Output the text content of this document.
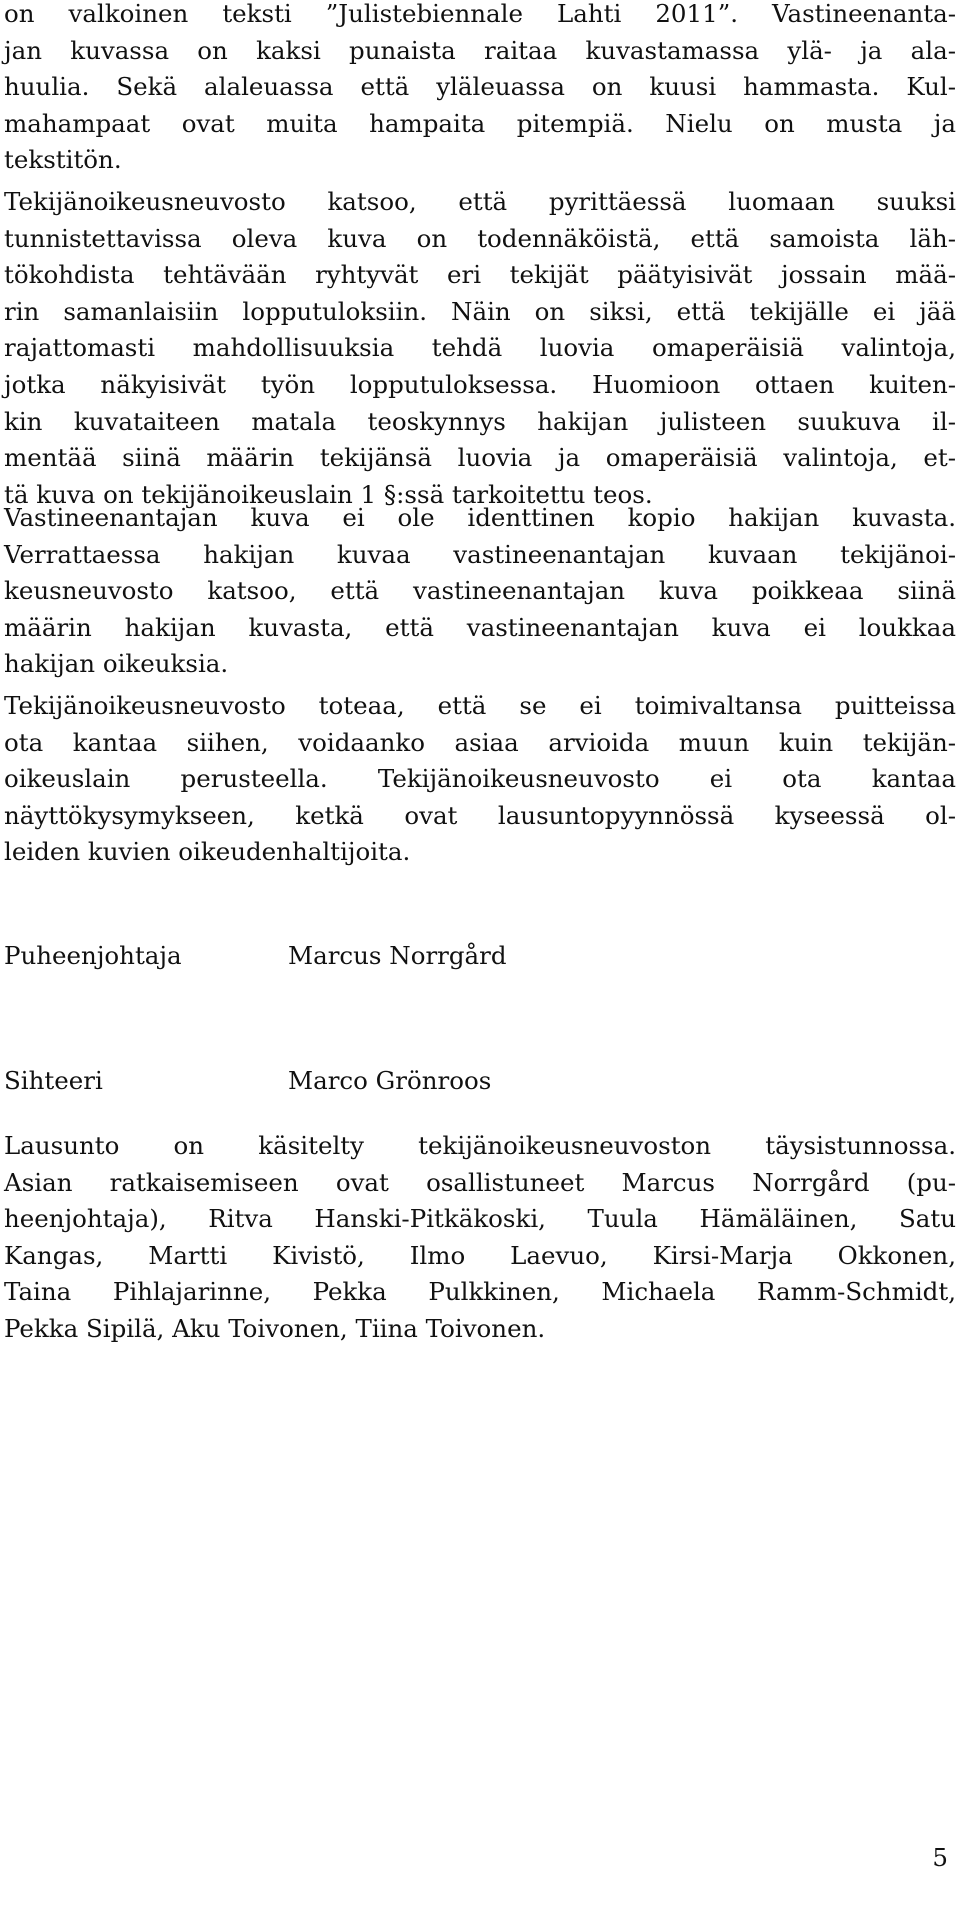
on valkoinen teksti ”Julistebiennale Lahti 2011”. Vastineenanta-
jan kuvassa on kaksi punaista raitaa kuvastamassa ylä- ja ala-
huulia. Sekä alaleuassa että yläleuassa on kuusi hammasta. Kul-
mahampaat ovat muita hampaita pitempiä. Nielu on musta ja
tekstitön.

Tekijänoikeusneuvosto katsoo, että pyrittäessä luomaan suuksi
tunnistettavissa oleva kuva on todennäköistä, että samoista läh-
tökohdista tehtävään ryhtyvät eri tekijät päätyisivät jossain mää-
rin samanlaisiin lopputuloksiin. Näin on siksi, että tekijälle ei jää
rajattomasti mahdollisuuksia tehdä luovia omaperäisiä valintoja,
jotka näkyisivät työn lopputuloksessa. Huomioon ottaen kuiten-
kin kuvataiteen matala teoskynnys hakijan julisteen suukuva il-
mentää siinä määrin tekijänsä luovia ja omaperäisiä valintoja, et-
tä kuva on tekijänoikeuslain 1 §:ssä tarkoitettu teos.

Vastineenantajan kuva ei ole identtinen kopio hakijan kuvasta.
Verrattaessa hakijan kuvaa vastineenantajan kuvaan tekijänoi-
keusneuvosto katsoo, että vastineenantajan kuva poikkeaa siinä
määrin hakijan kuvasta, että vastineenantajan kuva ei loukkaa
hakijan oikeuksia.

Tekijänoikeusneuvosto toteaa, että se ei toimivaltansa puitteissa
ota kantaa siihen, voidaanko asiaa arvioida muun kuin tekijän-
oikeuslain perusteella. Tekijänoikeusneuvosto ei ota kantaa
näyttökysymykseen, ketkä ovat lausuntopyynnössä kyseessä ol-
leiden kuvien oikeudenhaltijoita.

Puheenjohtaja	Marcus Norrgård

Sihteeri	Marco Grönroos

Lausunto on käsitelty tekijänoikeusneuvoston täysistunnossa.
Asian ratkaisemiseen ovat osallistuneet Marcus Norrgård (pu-
heenjohtaja), Ritva Hanski-Pitkäkoski, Tuula Hämäläinen, Satu
Kangas, Martti Kivistö, Ilmo Laevuo, Kirsi-Marja Okkonen,
Taina Pihlajarinne, Pekka Pulkkinen, Michaela Ramm-Schmidt,
Pekka Sipilä, Aku Toivonen, Tiina Toivonen.

5
